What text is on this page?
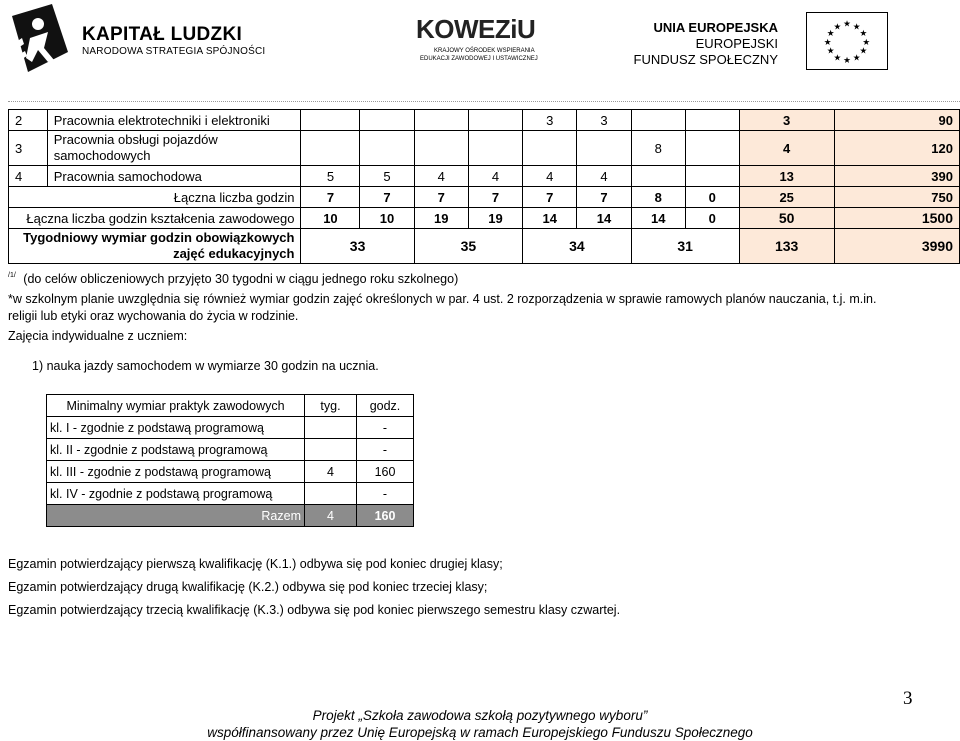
KAPITAŁ LUDZKI
NARODOWA STRATEGIA SPÓJNOŚCI
KOWEZiU
KRAJOWY OŚRODEK WSPIERANIA
EDUKACJI ZAWODOWEJ I USTAWICZNEJ
UNIA EUROPEJSKA
EUROPEJSKI
FUNDUSZ SPOŁECZNY
★ ★
★
★
★
★
★
★
★
★
★
★
2	Pracownia elektrotechniki i elektroniki					3	3			3	90
3	Pracownia obsługi pojazdów
samochodowych							8		4	120
4	Pracownia samochodowa	5	5	4	4	4	4			13	390
Łączna liczba godzin		7	7	7	7	7	7	8	0	25	750
Łączna liczba godzin kształcenia zawodowego		10	10	19	19	14	14	14	0	50	1500

Tygodniowy wymiar godzin obowiązkowych
zajęć edukacyjnych		33		35		34		31		133	3990
$^{/1/}$ (do celów obliczeniowych przyjęto 30 tygodni w ciągu jednego roku szkolnego)
*w szkolnym planie uwzględnia się również wymiar godzin zajęć określonych w par. 4 ust. 2 rozporządzenia w sprawie ramowych planów nauczania, t.j. m.in.
religii lub etyki oraz wychowania do życia w rodzinie.
Zajęcia indywidualne z uczniem:
1) nauka jazdy samochodem w wymiarze 30 godzin na ucznia.
Minimalny wymiar praktyk zawodowych	tyg.	godz.
kl. I - zgodnie z podstawą programową		-
kl. II - zgodnie z podstawą programową		-
kl. III - zgodnie z podstawą programową	4	160
kl. IV - zgodnie z podstawą programową		-
Razem	4	160
Egzamin potwierdzający pierwszą kwalifikację (K.1.) odbywa się pod koniec drugiej klasy;
Egzamin potwierdzający drugą kwalifikację (K.2.) odbywa się pod koniec trzeciej klasy;
Egzamin potwierdzający trzecią kwalifikację (K.3.) odbywa się pod koniec pierwszego semestru klasy czwartej.
3
Projekt „Szkoła zawodowa szkołą pozytywnego wyboru”
współfinansowany przez Unię Europejską w ramach Europejskiego Funduszu Społecznego
